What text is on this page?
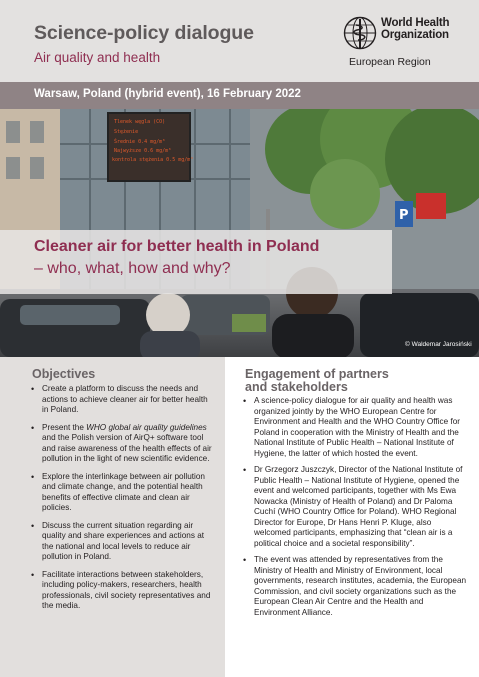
Science-policy dialogue
Air quality and health
World Health
Organization
European Region
Warsaw, Poland (hybrid event), 16 February 2022
Tlenek węgla (CO)
Stężenie
Średnie 0.4 mg/m³
Najwyższe 0.6 mg/m³
kontrola stężenia 0.5 mg/m³
P
Cleaner air for better health in Poland
– who, what, how and why?
© Waldemar Jarosiński
Objectives
• Create a platform to discuss the needs and actions to achieve cleaner air for better health in Poland.
• Present the WHO global air quality guidelines and the Polish version of AirQ+ software tool and raise awareness of the health effects of air pollution in the light of new scientific evidence.
• Explore the interlinkage between air pollution and climate change, and the potential health benefits of effective climate and clean air policies.
• Discuss the current situation regarding air quality and share experiences and actions at the national and local levels to reduce air pollution in Poland.
• Facilitate interactions between stakeholders, including policy-makers, researchers, health professionals, civil society representatives and the media.
Engagement of partners
and stakeholders
• A science-policy dialogue for air quality and health was organized jointly by the WHO European Centre for Environment and Health and the WHO Country Office for Poland in cooperation with the Ministry of Health and the National Institute of Public Health – National Institute of Hygiene, the latter of which hosted the event.
• Dr Grzegorz Juszczyk, Director of the National Institute of Public Health – National Institute of Hygiene, opened the event and welcomed participants, together with Ms Ewa Nowacka (Ministry of Health of Poland) and Dr Paloma Cuchí (WHO Country Office for Poland). WHO Regional Director for Europe, Dr Hans Henri P. Kluge, also welcomed participants, emphasizing that “clean air is a political choice and a societal responsibility”.
• The event was attended by representatives from the Ministry of Health and Ministry of Environment, local governments, research institutes, academia, the European Commission, and civil society organizations such as the European Clean Air Centre and the Health and Environment Alliance.
